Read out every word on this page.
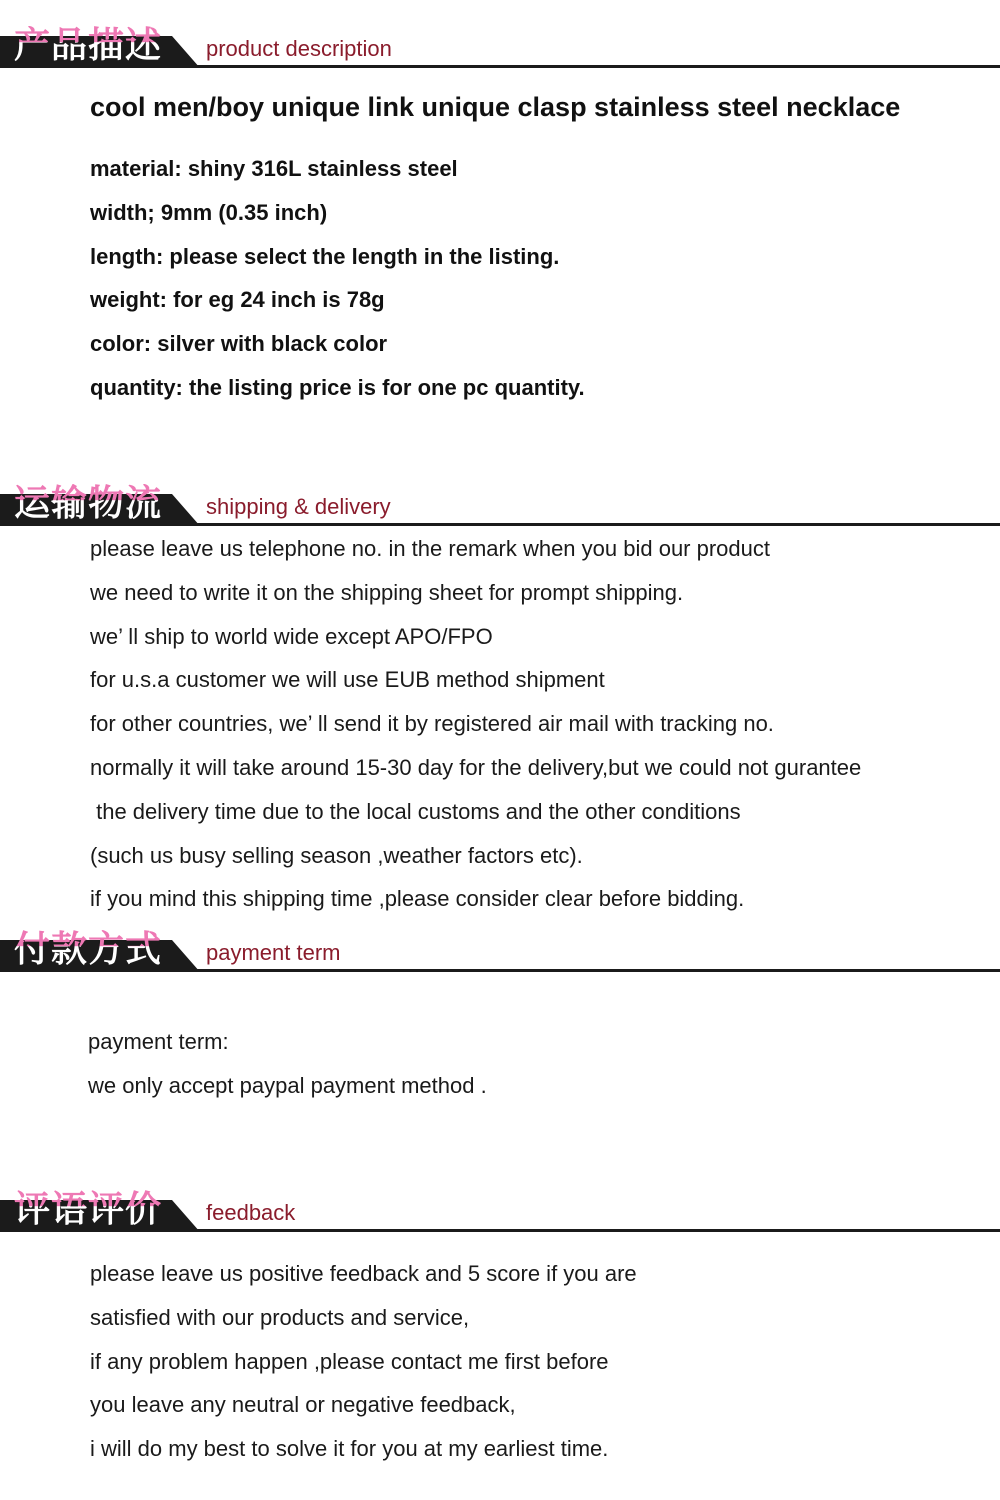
产品描述 product description
cool men/boy unique link unique clasp stainless steel necklace
material: shiny 316L stainless steel
width; 9mm (0.35 inch)
length: please select the length in the listing.
weight: for eg 24 inch is 78g
color: silver with black color
quantity: the listing price is for one pc quantity.
运输物流 shipping & delivery
please leave us telephone no. in the remark when you bid our product
we need to write it on the shipping sheet for prompt shipping.
we’ ll ship to world wide except APO/FPO
for u.s.a customer we will use EUB method shipment
for other countries, we’ ll send it by registered air mail with tracking no.
normally it will take around 15-30 day for the delivery,but we could not gurantee
the delivery time due to the local customs and the other conditions
(such us busy selling season ,weather factors etc).
if you mind this shipping time ,please consider clear before bidding.
付款方式 payment term
payment term:
we only accept paypal payment method .
评语评价 feedback
please leave us positive feedback and 5 score if you are
satisfied with our products and service,
if any problem happen ,please contact me first before
you leave any neutral or negative feedback,
i will do my best to solve it for you at my earliest time.
